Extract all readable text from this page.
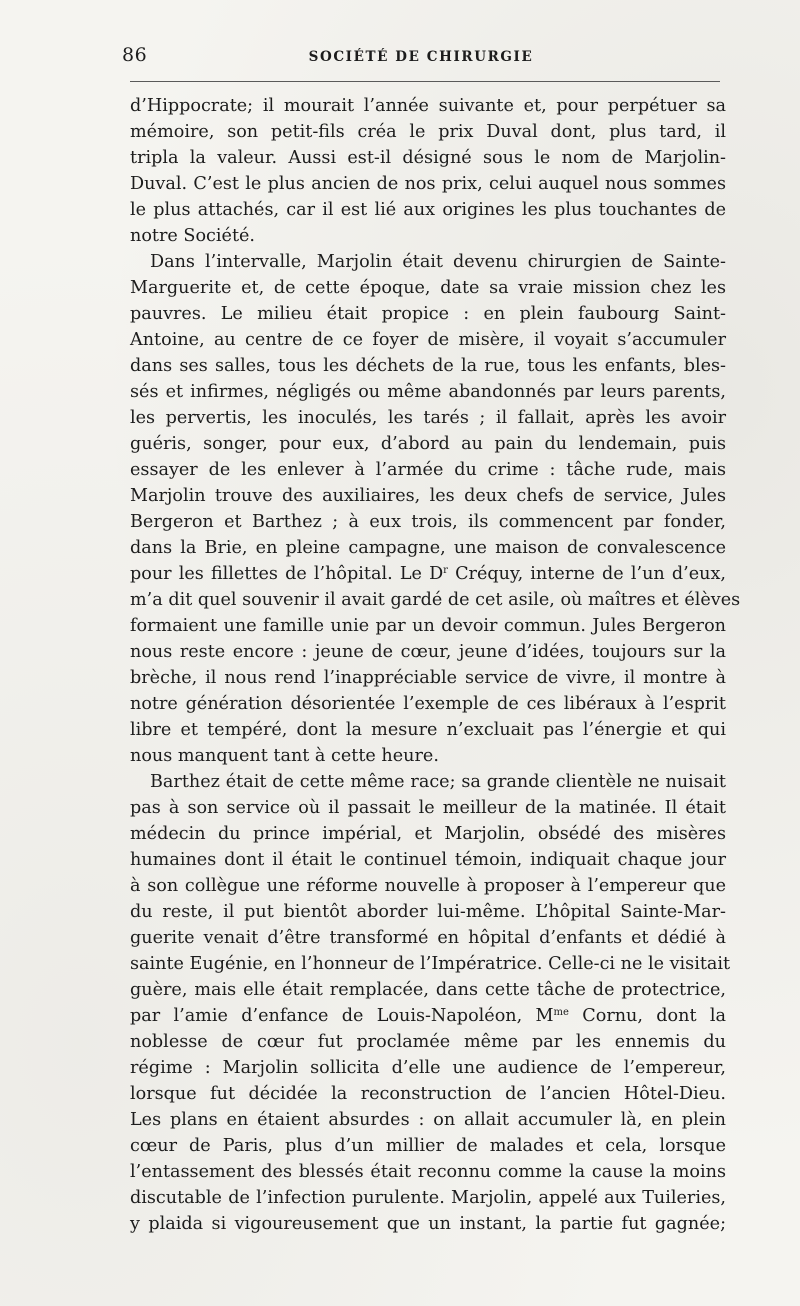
86	SOCIÉTÉ DE CHIRURGIE
d’Hippocrate; il mourait l’année suivante et, pour perpétuer sa
mémoire, son petit-fils créa le prix Duval dont, plus tard, il
tripla la valeur. Aussi est-il désigné sous le nom de Marjolin-
Duval. C’est le plus ancien de nos prix, celui auquel nous sommes
le plus attachés, car il est lié aux origines les plus touchantes de
notre Société.
Dans l’intervalle, Marjolin était devenu chirurgien de Sainte-
Marguerite et, de cette époque, date sa vraie mission chez les
pauvres. Le milieu était propice : en plein faubourg Saint-
Antoine, au centre de ce foyer de misère, il voyait s’accumuler
dans ses salles, tous les déchets de la rue, tous les enfants, bles-
sés et infirmes, négligés ou même abandonnés par leurs parents,
les pervertis, les inoculés, les tarés ; il fallait, après les avoir
guéris, songer, pour eux, d’abord au pain du lendemain, puis
essayer de les enlever à l’armée du crime : tâche rude, mais
Marjolin trouve des auxiliaires, les deux chefs de service, Jules
Bergeron et Barthez ; à eux trois, ils commencent par fonder,
dans la Brie, en pleine campagne, une maison de convalescence
pour les fillettes de l’hôpital. Le $D^r$ Créquy, interne de l’un d’eux,
m’a dit quel souvenir il avait gardé de cet asile, où maîtres et élèves
formaient une famille unie par un devoir commun. Jules Bergeron
nous reste encore : jeune de cœur, jeune d’idées, toujours sur la
brèche, il nous rend l’inappréciable service de vivre, il montre à
notre génération désorientée l’exemple de ces libéraux à l’esprit
libre et tempéré, dont la mesure n’excluait pas l’énergie et qui
nous manquent tant à cette heure.
Barthez était de cette même race; sa grande clientèle ne nuisait
pas à son service où il passait le meilleur de la matinée. Il était
médecin du prince impérial, et Marjolin, obsédé des misères
humaines dont il était le continuel témoin, indiquait chaque jour
à son collègue une réforme nouvelle à proposer à l’empereur que
du reste, il put bientôt aborder lui-même. L’hôpital Sainte-Mar-
guerite venait d’être transformé en hôpital d’enfants et dédié à
sainte Eugénie, en l’honneur de l’Impératrice. Celle-ci ne le visitait
guère, mais elle était remplacée, dans cette tâche de protectrice,
par l’amie d’enfance de Louis-Napoléon, $M^{me}$ Cornu, dont la
noblesse de cœur fut proclamée même par les ennemis du
régime : Marjolin sollicita d’elle une audience de l’empereur,
lorsque fut décidée la reconstruction de l’ancien Hôtel-Dieu.
Les plans en étaient absurdes : on allait accumuler là, en plein
cœur de Paris, plus d’un millier de malades et cela, lorsque
l’entassement des blessés était reconnu comme la cause la moins
discutable de l’infection purulente. Marjolin, appelé aux Tuileries,
y plaida si vigoureusement que un instant, la partie fut gagnée;
